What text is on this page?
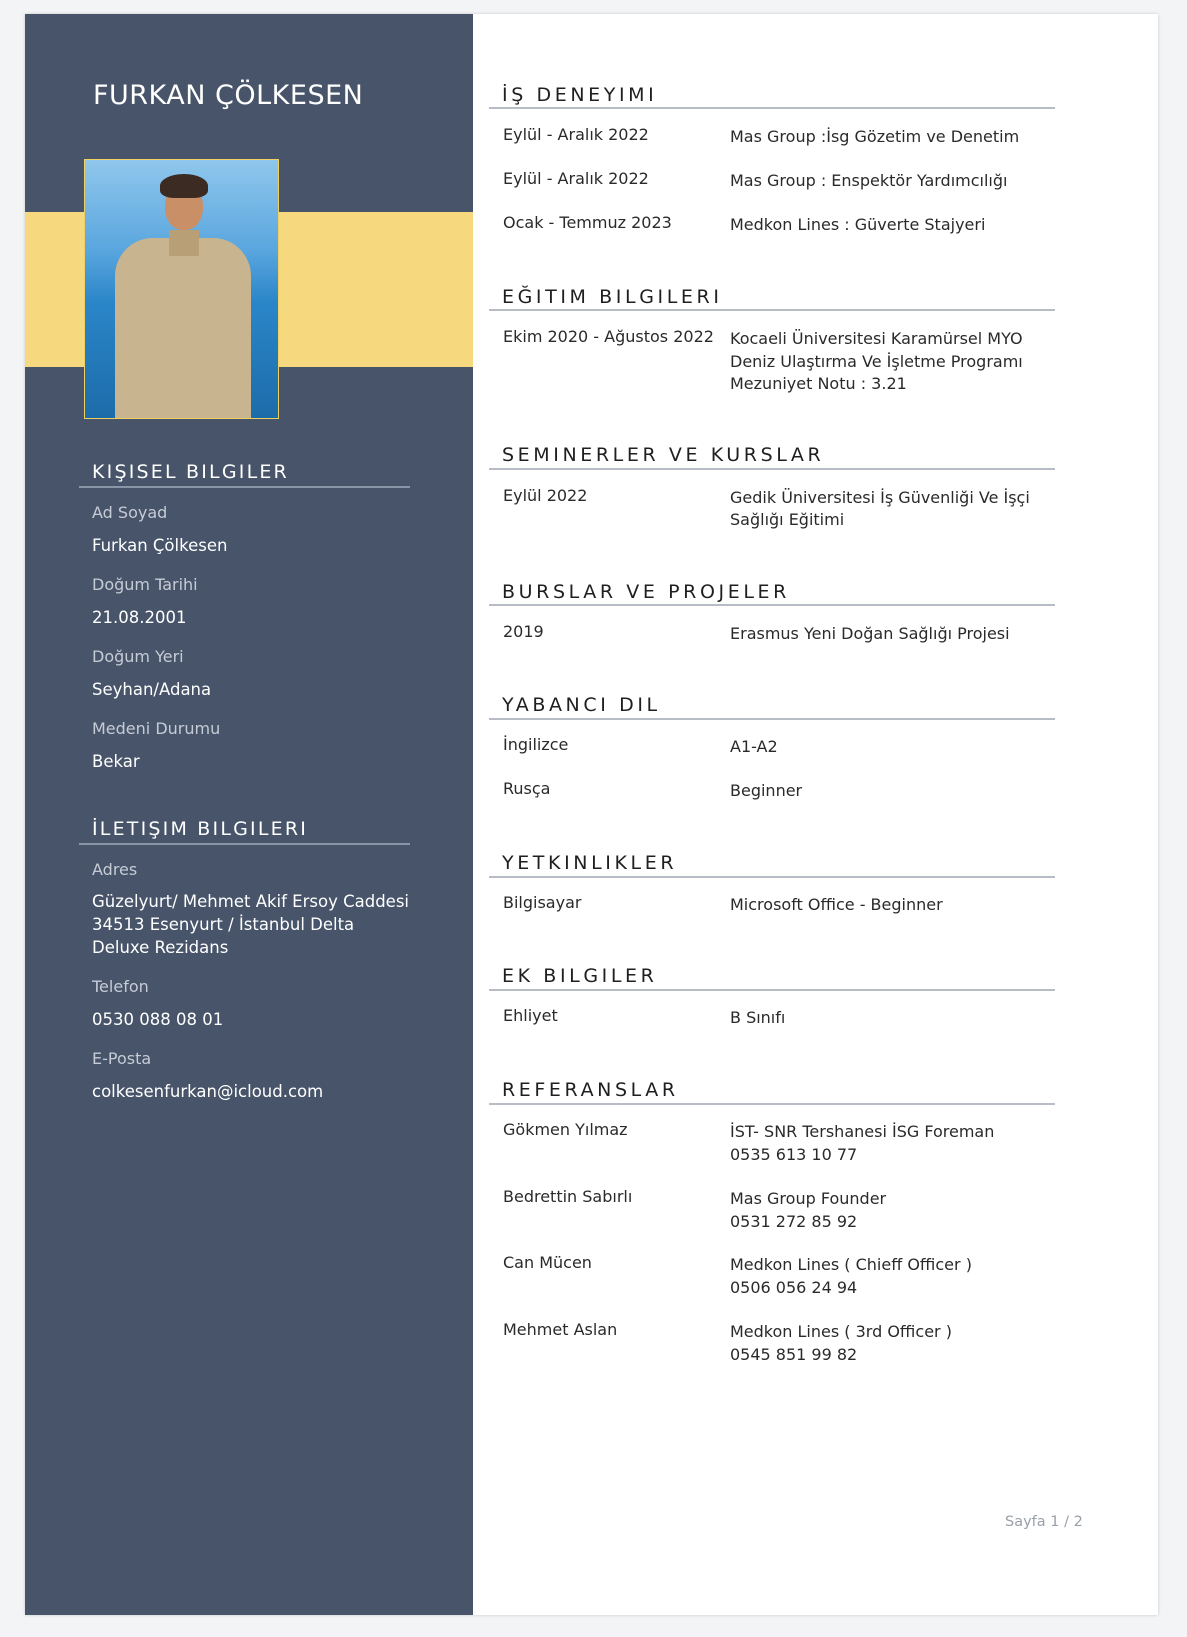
FURKAN ÇÖLKESEN
KIŞISEL BILGILER
Ad Soyad
Furkan Çölkesen
Doğum Tarihi
21.08.2001
Doğum Yeri
Seyhan/Adana
Medeni Durumu
Bekar
İLETIŞIM BILGILERI
Adres
Güzelyurt/ Mehmet Akif Ersoy Caddesi 34513 Esenyurt / İstanbul Delta Deluxe Rezidans
Telefon
0530 088 08 01
E-Posta
colkesenfurkan@icloud.com
İŞ DENEYIMI
Eylül - Aralık 2022	Mas Group :İsg Gözetim ve Denetim
Eylül - Aralık 2022	Mas Group : Enspektör Yardımcılığı
Ocak - Temmuz 2023	Medkon Lines : Güverte Stajyeri
EĞITIM BILGILERI
Ekim 2020 - Ağustos 2022 Kocaeli Üniversitesi Karamürsel MYO
Deniz Ulaştırma Ve İşletme Programı
Mezuniyet Notu : 3.21
SEMINERLER VE KURSLAR
Eylül 2022	Gedik Üniversitesi İş Güvenliği Ve İşçi
Sağlığı Eğitimi
BURSLAR VE PROJELER
2019	Erasmus Yeni Doğan Sağlığı Projesi
YABANCI DIL
İngilizce	A1-A2
Rusça	Beginner
YETKINLIKLER
Bilgisayar	Microsoft Office - Beginner
EK BILGILER
Ehliyet	B Sınıfı
REFERANSLAR
Gökmen Yılmaz	İST- SNR Tershanesi İSG Foreman
0535 613 10 77
Bedrettin Sabırlı	Mas Group Founder
0531 272 85 92
Can Mücen	Medkon Lines ( Chieff Officer )
0506 056 24 94
Mehmet Aslan	Medkon Lines ( 3rd Officer )
0545 851 99 82
Sayfa 1 / 2
